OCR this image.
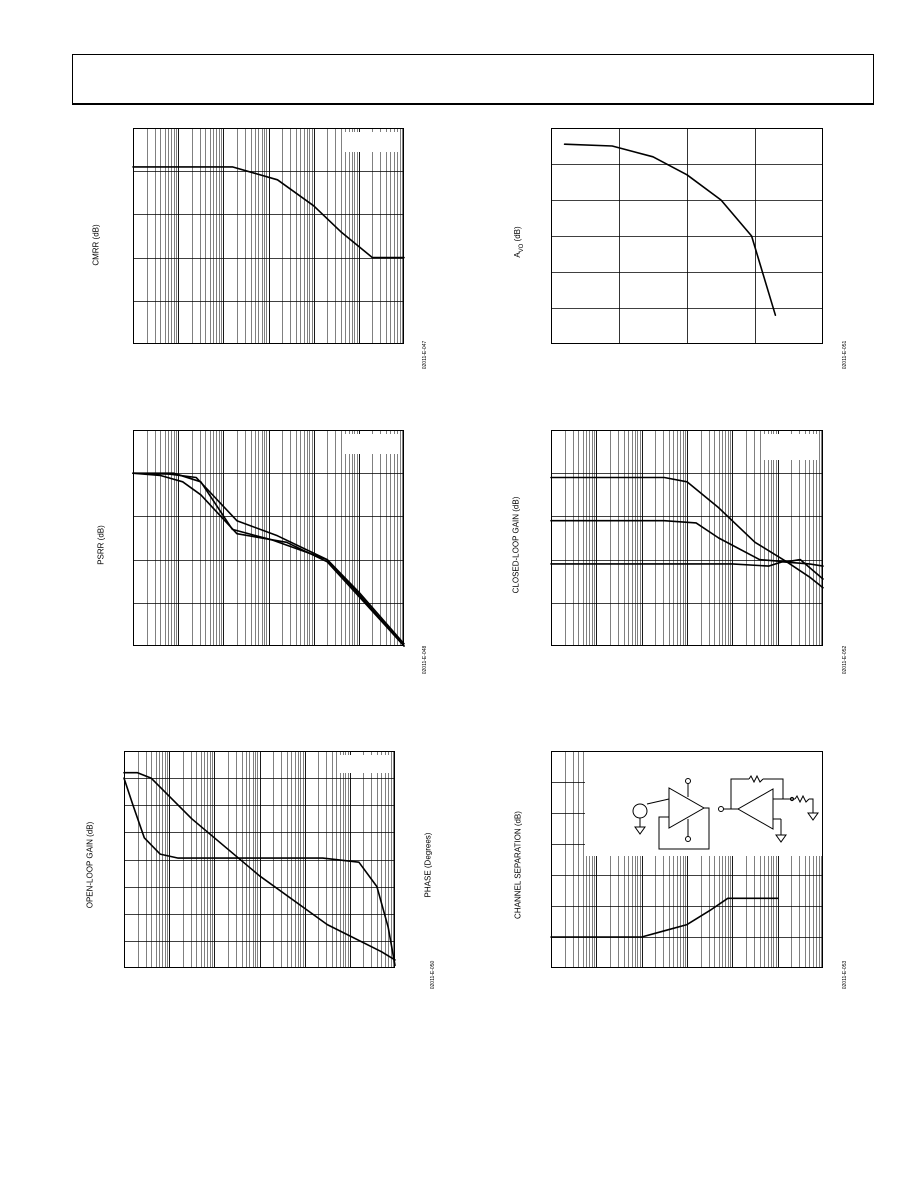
CMRR (dB)
02011-E-047
$A_{VO}$ (dB)
02011-E-051
PSRR (dB)
02011-E-048
CLOSED-LOOP GAIN (dB)
02011-E-052
OPEN-LOOP GAIN (dB)	PHASE (Degrees)
02011-E-050
CHANNEL SEPARATION (dB)
02011-E-053
